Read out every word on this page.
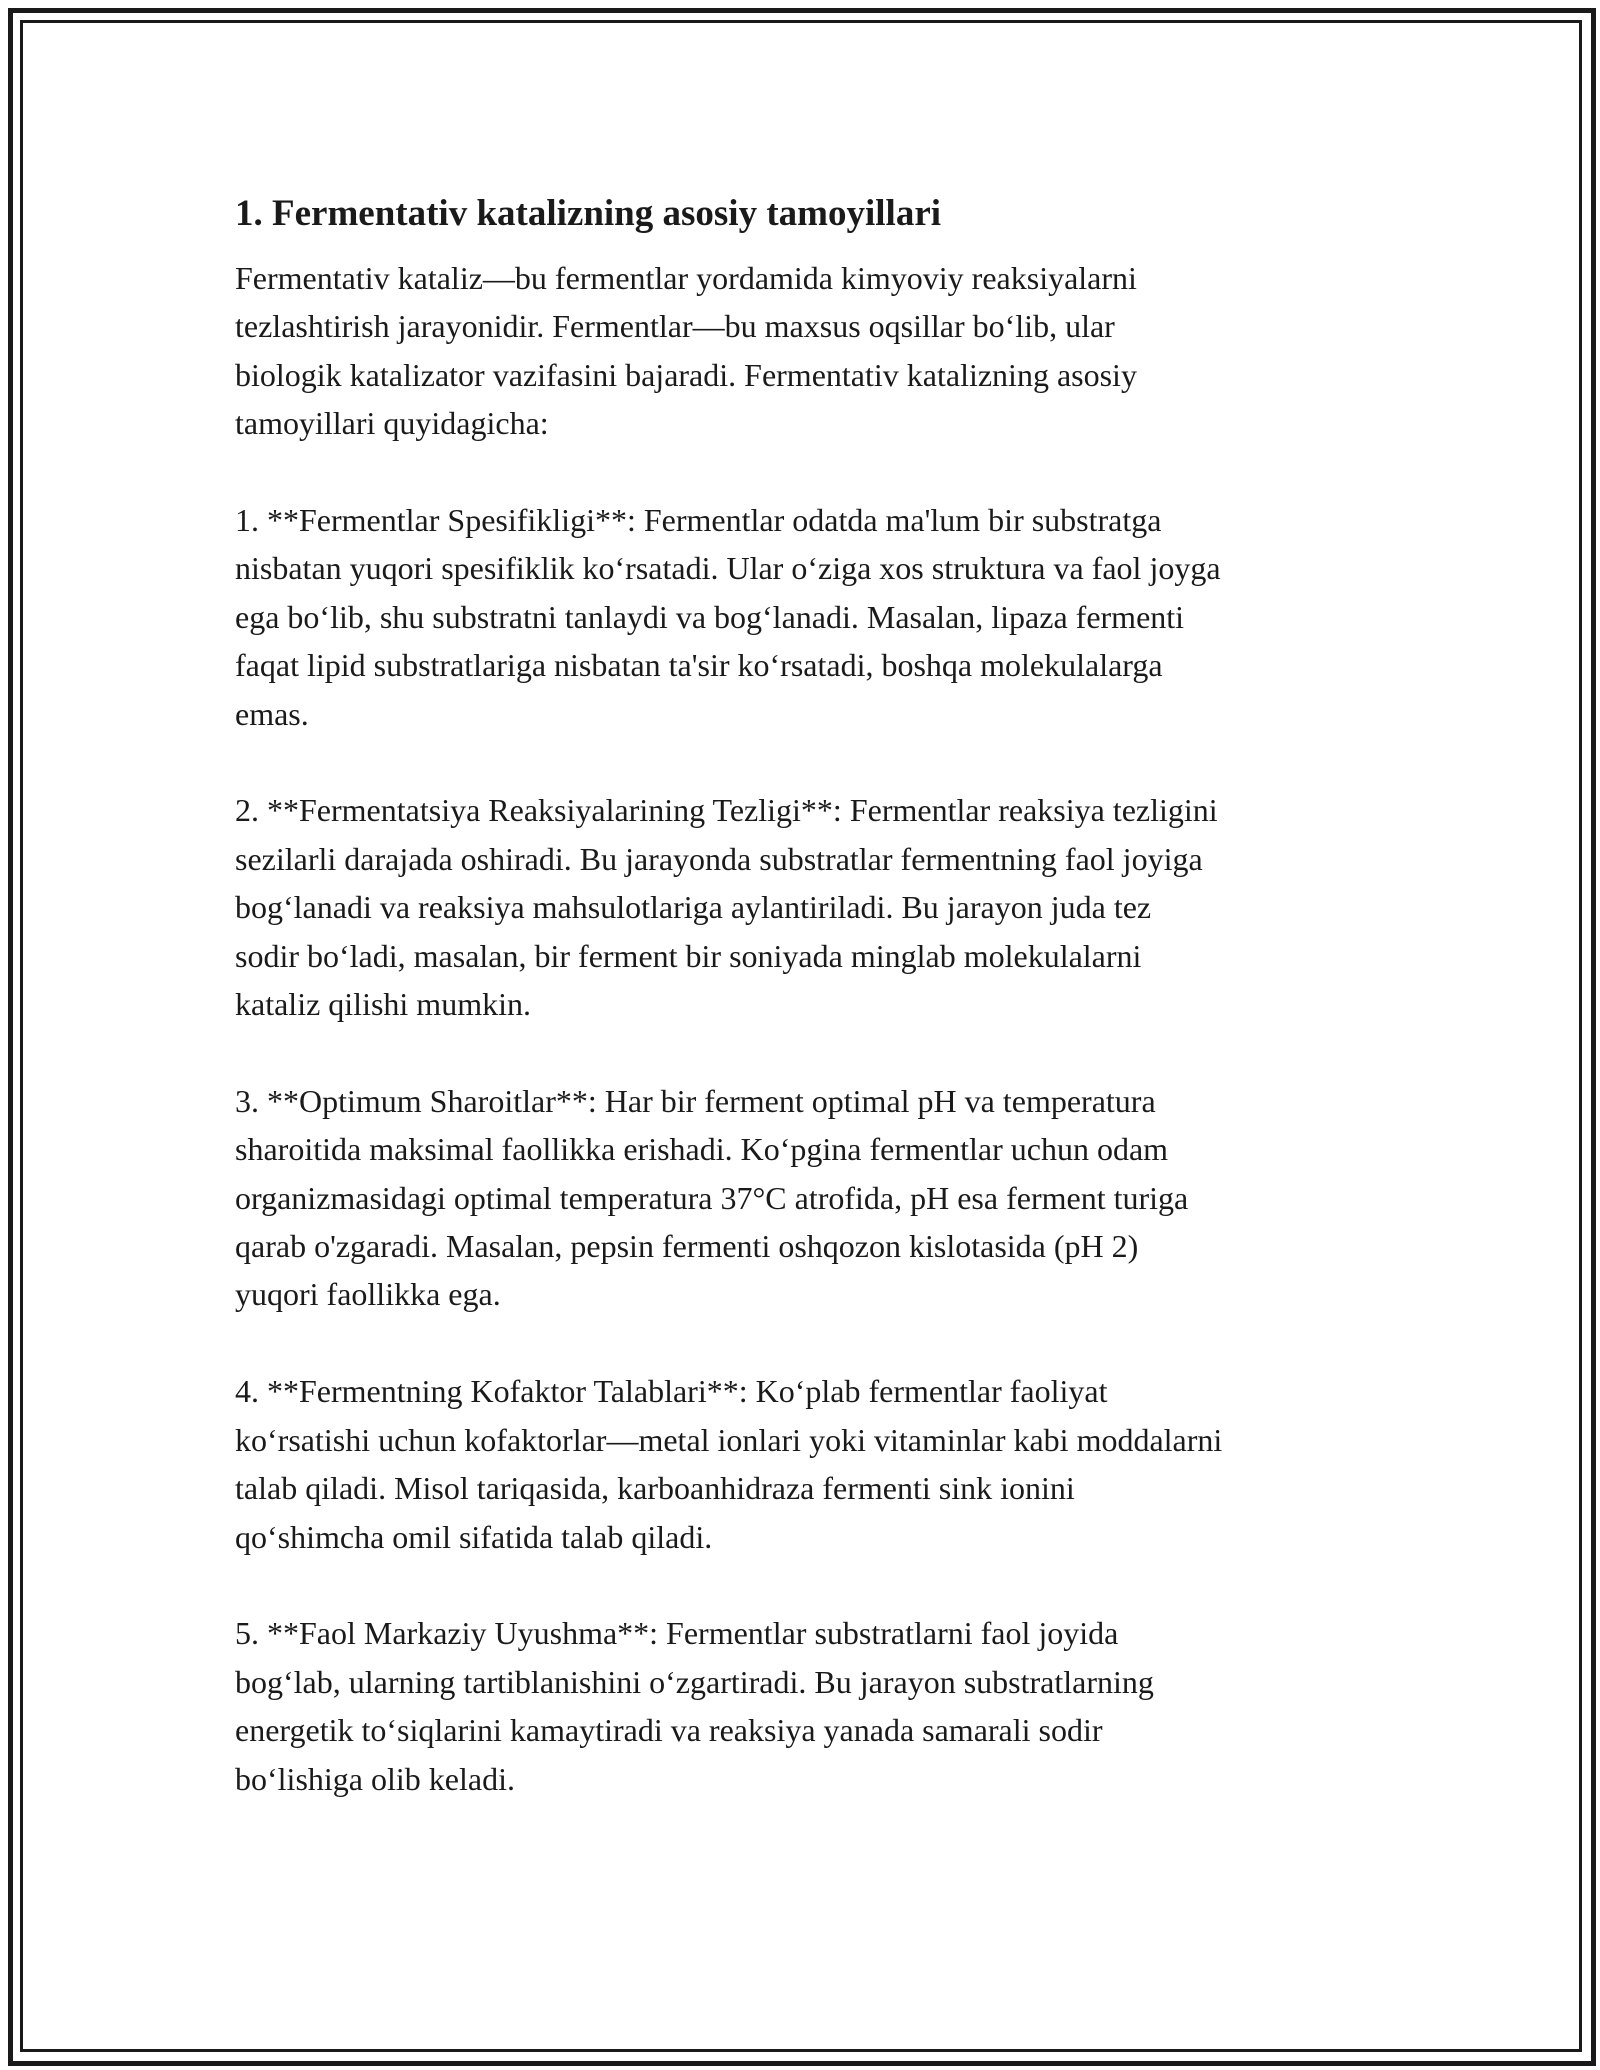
1. Fermentativ katalizning asosiy tamoyillari

Fermentativ kataliz—bu fermentlar yordamida kimyoviy reaksiyalarni
tezlashtirish jarayonidir. Fermentlar—bu maxsus oqsillar bo‘lib, ular
biologik katalizator vazifasini bajaradi. Fermentativ katalizning asosiy
tamoyillari quyidagicha:

1. **Fermentlar Spesifikligi**: Fermentlar odatda ma'lum bir substratga
nisbatan yuqori spesifiklik ko‘rsatadi. Ular o‘ziga xos struktura va faol joyga
ega bo‘lib, shu substratni tanlaydi va bog‘lanadi. Masalan, lipaza fermenti
faqat lipid substratlariga nisbatan ta'sir ko‘rsatadi, boshqa molekulalarga
emas.

2. **Fermentatsiya Reaksiyalarining Tezligi**: Fermentlar reaksiya tezligini
sezilarli darajada oshiradi. Bu jarayonda substratlar fermentning faol joyiga
bog‘lanadi va reaksiya mahsulotlariga aylantiriladi. Bu jarayon juda tez
sodir bo‘ladi, masalan, bir ferment bir soniyada minglab molekulalarni
kataliz qilishi mumkin.

3. **Optimum Sharoitlar**: Har bir ferment optimal pH va temperatura
sharoitida maksimal faollikka erishadi. Ko‘pgina fermentlar uchun odam
organizmasidagi optimal temperatura 37°C atrofida, pH esa ferment turiga
qarab o'zgaradi. Masalan, pepsin fermenti oshqozon kislotasida (pH 2)
yuqori faollikka ega.

4. **Fermentning Kofaktor Talablari**: Ko‘plab fermentlar faoliyat
ko‘rsatishi uchun kofaktorlar—metal ionlari yoki vitaminlar kabi moddalarni
talab qiladi. Misol tariqasida, karboanhidraza fermenti sink ionini
qo‘shimcha omil sifatida talab qiladi.

5. **Faol Markaziy Uyushma**: Fermentlar substratlarni faol joyida
bog‘lab, ularning tartiblanishini o‘zgartiradi. Bu jarayon substratlarning
energetik to‘siqlarini kamaytiradi va reaksiya yanada samarali sodir
bo‘lishiga olib keladi.
